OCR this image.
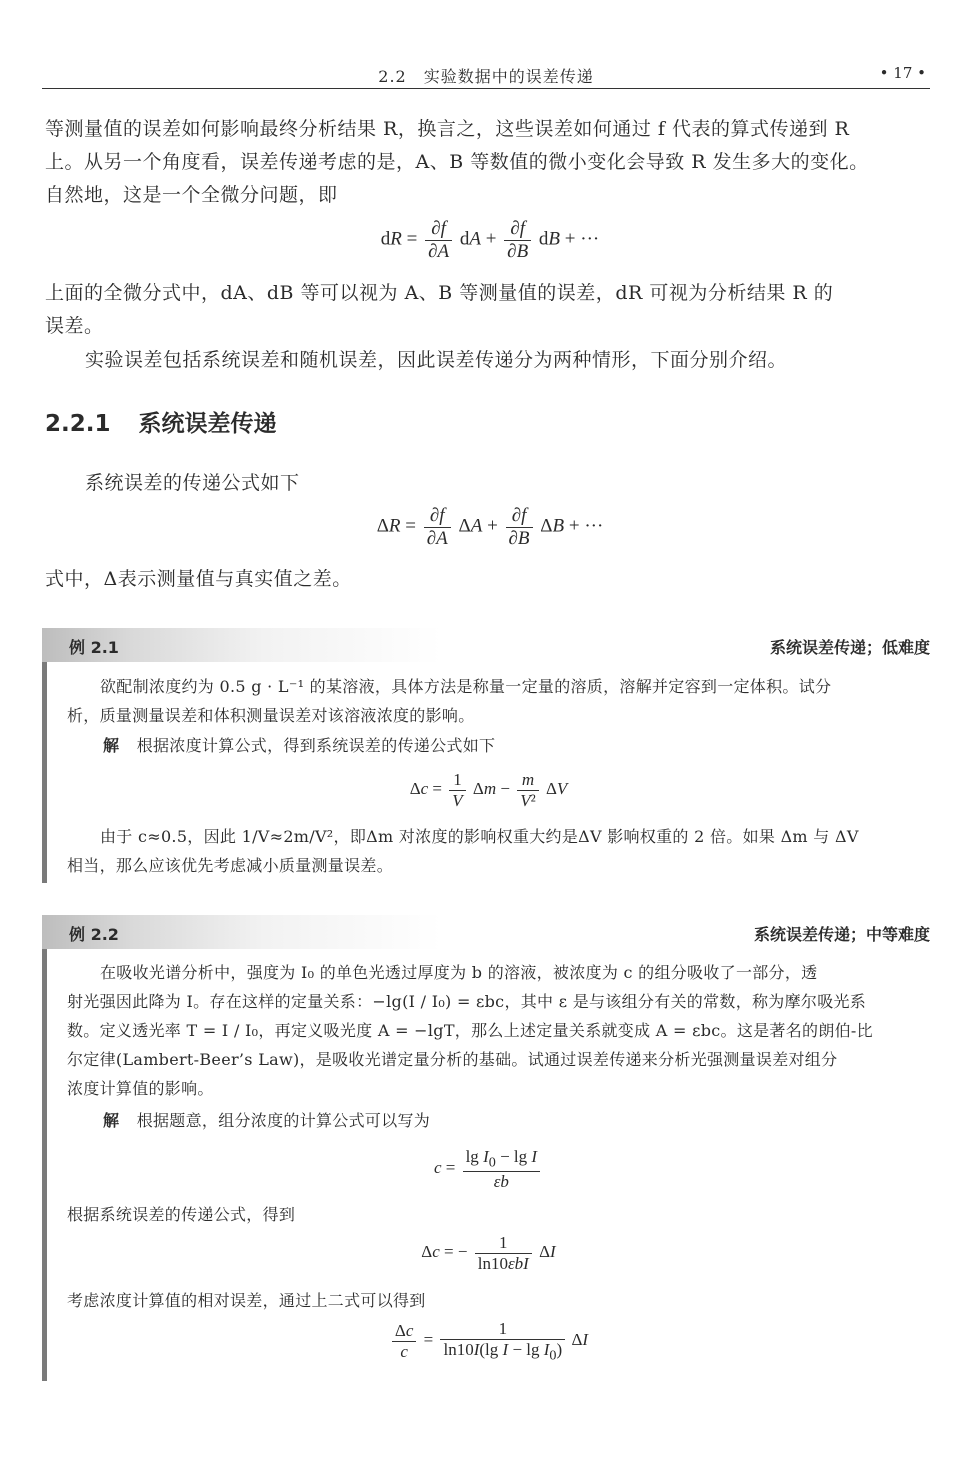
2.2　实验数据中的误差传递	• 17 •
等测量值的误差如何影响最终分析结果 R，换言之，这些误差如何通过 f 代表的算式传递到 R
上。从另一个角度看，误差传递考虑的是，A、B 等数值的微小变化会导致 R 发生多大的变化。
自然地，这是一个全微分问题，即
dR = $\frac{\partial f}{\partial A}$ dA + $\frac{\partial f}{\partial B}$ dB + ···
上面的全微分式中，dA、dB 等可以视为 A、B 等测量值的误差，dR 可视为分析结果 R 的
误差。
实验误差包括系统误差和随机误差，因此误差传递分为两种情形，下面分别介绍。
2.2.1 系统误差传递
系统误差的传递公式如下
$\Delta R = \frac{\partial f}{\partial A}$ $\Delta A + \frac{\partial f}{\partial B}$ ΔB + ···
式中，Δ表示测量值与真实值之差。
例 2.1	系统误差传递；低难度
欲配制浓度约为 0.5 g · L⁻¹ 的某溶液，具体方法是称量一定量的溶质，溶解并定容到一定体积。试分
析，质量测量误差和体积测量误差对该溶液浓度的影响。
解 根据浓度计算公式，得到系统误差的传递公式如下
$\Delta c = \frac{1}{V}$ $\Delta m - \frac{m}{\text{V²}}$ ΔV
由于 c≈0.5，因此 1/V≈2m/V²，即Δm 对浓度的影响权重大约是ΔV 影响权重的 2 倍。如果 Δm 与 ΔV
相当，那么应该优先考虑减小质量测量误差。
例 2.2	系统误差传递；中等难度
在吸收光谱分析中，强度为 I₀ 的单色光透过厚度为 b 的溶液，被浓度为 c 的组分吸收了一部分，透
射光强因此降为 I。存在这样的定量关系：−lg(I / I₀) = εbc，其中 ε 是与该组分有关的常数，称为摩尔吸光系
数。定义透光率 T = I / I₀，再定义吸光度 A = −lgT，那么上述定量关系就变成 A = εbc。这是著名的朗伯-比
尔定律(Lambert-Beer’s Law)，是吸收光谱定量分析的基础。试通过误差传递来分析光强测量误差对组分
浓度计算值的影响。
解 根据题意，组分浓度的计算公式可以写为
$c = \frac{\lg I_0 - \lg I}{\varepsilon b}$
根据系统误差的传递公式，得到
Δc = − $\frac{1}{\text{ln10εbI}}$ ΔI
考虑浓度计算值的相对误差，通过上二式可以得到
$\frac{\Delta c}{c} = \frac{1}{\ln 10I(\lg I - \lg I_0)}$ ΔI
